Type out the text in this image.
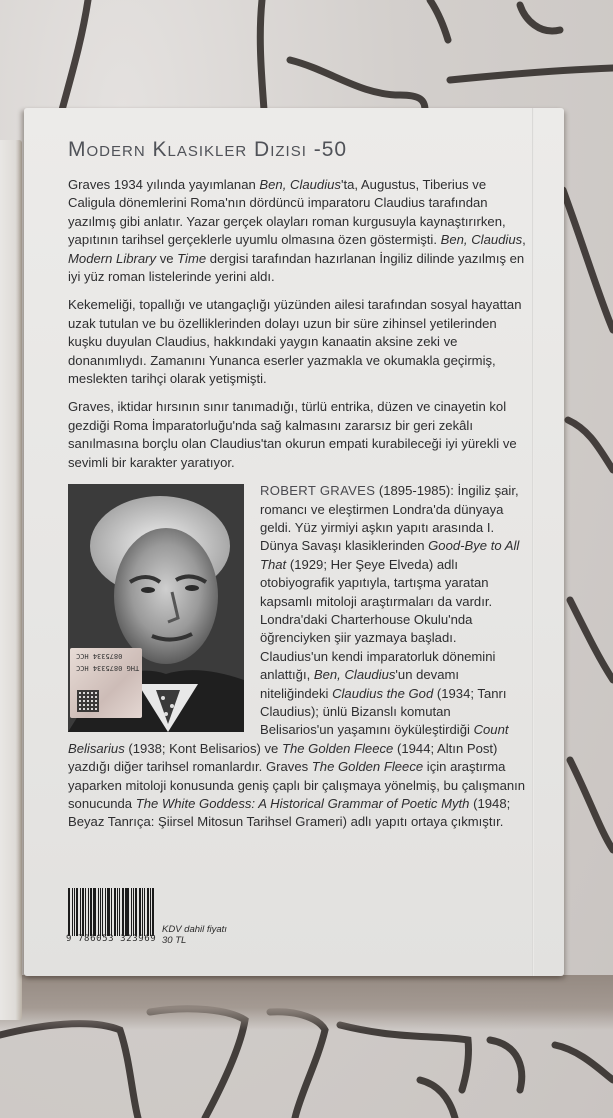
Modern Klasikler Dizisi -50

Graves 1934 yılında yayımlanan Ben, Claudius'ta, Augustus, Tiberius ve Caligula dönemlerini Roma'nın dördüncü imparatoru Claudius tarafından yazılmış gibi anlatır. Yazar gerçek olayları roman kurgusuyla kaynaştırırken, yapıtının tarihsel gerçeklerle uyumlu olmasına özen göstermişti. Ben, Claudius, Modern Library ve Time dergisi tarafından hazırlanan İngiliz dilinde yazılmış en iyi yüz roman listelerinde yerini aldı.

Kekemeliği, topallığı ve utangaçlığı yüzünden ailesi tarafından sosyal hayattan uzak tutulan ve bu özelliklerinden dolayı uzun bir süre zihinsel yetilerinden kuşku duyulan Claudius, hakkındaki yaygın kanaatin aksine zeki ve donanımlıydı. Zamanını Yunanca eserler yazmakla ve okumakla geçirmiş, meslekten tarihçi olarak yetişmişti.

Graves, iktidar hırsının sınır tanımadığı, türlü entrika, düzen ve cinayetin kol gezdiği Roma İmparatorluğu'nda sağ kalmasını zararsız bir geri zekâlı sanılmasına borçlu olan Claudius'tan okurun empati kurabileceği iyi yürekli ve sevimli bir karakter yaratıyor.

0875334 HCC
THG 0875334 HCC

ROBERT GRAVES (1895-1985): İngiliz şair, romancı ve eleştirmen Londra'da dünyaya geldi. Yüz yirmiyi aşkın yapıtı arasında I. Dünya Savaşı klasiklerinden Good-Bye to All That (1929; Her Şeye Elveda) adlı otobiyografik yapıtıyla, tartışma yaratan kapsamlı mitoloji araştırmaları da vardır. Londra'daki Charterhouse Okulu'nda öğrenciyken şiir yazmaya başladı. Claudius'un kendi imparatorluk dönemini anlattığı, Ben, Claudius'un devamı niteliğindeki Claudius the God (1934; Tanrı Claudius); ünlü Bizanslı komutan Belisarios'un yaşamını öyküleştirdiği Count Belisarius (1938; Kont Belisarios) ve The Golden Fleece (1944; Altın Post) yazdığı diğer tarihsel romanlardır. Graves The Golden Fleece için araştırma yaparken mitoloji konusunda geniş çaplı bir çalışmaya yönelmiş, bu çalışmanın sonucunda The White Goddess: A Historical Grammar of Poetic Myth (1948; Beyaz Tanrıça: Şiirsel Mitosun Tarihsel Grameri) adlı yapıtı ortaya çıkmıştır.

9 786053 323969
KDV dahil fiyatı
30 TL
